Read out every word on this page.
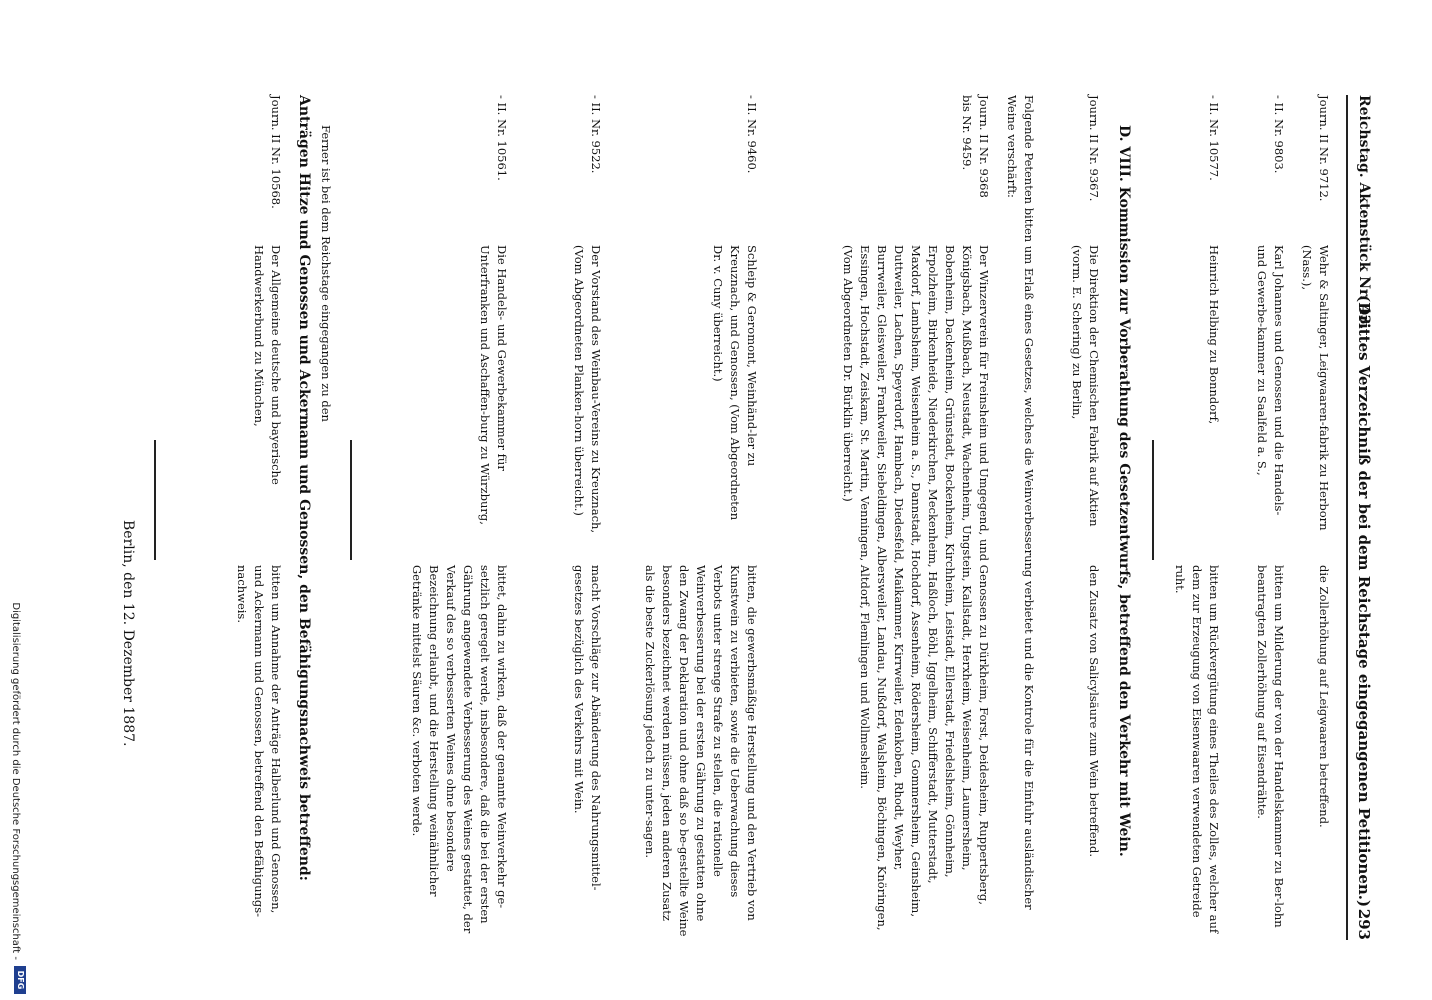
Reichstag. Aktenstück Nr. 43.
(Drittes Verzeichniß der bei dem Reichstage eingegangenen Petitionen.)
293
Journ. II Nr. 9712.
Wehr & Saltinger, Leigwaaren-fabrik zu Herborn (Nass.),
die Zollerhöhung auf Leigwaaren betreffend.
- II. Nr. 9803.
Karl Johannes und Genossen und die Handels- und Gewerbe-kammer zu Saalfeld a. S.,
bitten um Milderung der von der Handelskammer zu Ber-lohn beantragten Zollerhöhung auf Eisendrähte.
- II. Nr. 10577.
Heinrich Helbing zu Bonndorf,
bitten um Rückvergütung eines Theiles des Zolles, welcher auf dem zur Erzeugung von Eisenwaaren verwendeten Getreide ruht.
D. VIII. Kommission zur Vorberathung des Gesetzentwurfs, betreffend den Verkehr mit Wein.
Journ. II Nr. 9367.
Die Direktion der Chemischen Fabrik auf Aktien (vorm. E. Schering) zu Berlin,
den Zusatz von Salicylsäure zum Wein betreffend.
Folgende Petenten bitten um Erlaß eines Gesetzes, welches die Weinverbesserung verbietet und die Kontrole für die Einfuhr ausländischer Weine verschärft:
Journ. II Nr. 9368
bis Nr. 9459.
Der Winzerverein für Freinsheim und Umgegend, und Genossen zu Dürkheim, Forst, Deidesheim, Ruppertsberg, Königsbach, Mußbach, Neustadt, Wachenheim, Ungstein, Kallstadt, Herxheim, Weisenheim, Laumersheim, Bobenheim, Dackenheim, Grünstadt, Bockenheim, Kirchheim, Leistadt, Ellerstadt, Friedelsheim, Gönnheim, Erpolzheim, Birkenheide, Niederkirchen, Meckenheim, Haßloch, Böhl, Iggelheim, Schifferstadt, Mutterstadt, Maxdorf, Lambsheim, Weisenheim a. S., Dannstadt, Hochdorf, Assenheim, Rödersheim, Gommersheim, Geinsheim, Duttweiler, Lachen, Speyerdorf, Hambach, Diedesfeld, Maikammer, Kirrweiler, Edenkoben, Rhodt, Weyher, Burrweiler, Gleisweiler, Frankweiler, Siebeldingen, Albersweiler, Landau, Nußdorf, Walsheim, Böchingen, Knöringen, Essingen, Hochstadt, Zeiskam, St. Martin, Venningen, Altdorf, Flemlingen und Wollmesheim.
(Vom Abgeordneten Dr. Bürklin überreicht.)
- II. Nr. 9460.
Schleip & Geromont, Weinhänd-ler zu Kreuznach, und Genossen, (Vom Abgeordneten Dr. v. Cuny überreicht.)
bitten, die gewerbsmäßige Herstellung und den Vertrieb von Kunstwein zu verbieten, sowie die Ueberwachung dieses Verbots unter strenge Strafe zu stellen, die rationelle Weinverbesserung bei der ersten Gährung zu gestatten ohne den Zwang der Deklaration und ohne daß so be-gestellte Weine besonders bezeichnet werden müssen, jeden anderen Zusatz als die beste Zuckerlösung jedoch zu unter-sagen.
- II. Nr. 9522.
Der Vorstand des Weinbau-Vereins zu Kreuznach, (Vom Abgeordneten Planken-horn überreicht.)
macht Vorschläge zur Abänderung des Nahrungsmittel-gesetzes bezüglich des Verkehrs mit Wein.
- II. Nr. 10561.
Die Handels- und Gewerbekammer für Unterfranken und Aschaffen-burg zu Würzburg,
bittet, dahin zu wirken, daß der genannte Weinverkehr ge-setzlich geregelt werde, insbesondere, daß die bei der ersten Gährung angewendete Verbesserung des Weines gestattet, der Verkauf des so verbesserten Weines ohne besondere Bezeichnung erlaubt, und die Herstellung weinähnlicher Getränke mittelst Säuren &c. verboten werde.
Ferner ist bei dem Reichstage eingegangen zu den
Anträgen Hitze und Genossen und Ackermann und Genossen, den Befähigungsnachweis betreffend:
Journ. II Nr. 10568.
Der Allgemeine deutsche und bayerische Handwerkerbund zu München,
bitten um Annahme der Anträge Halberlund und Genossen, und Ackermann und Genossen, betreffend den Befähigungs-nachweis.
Berlin, den 12. Dezember 1887.
Digitalisierung gefördert durch die Deutsche Forschungsgemeinschaft -
DFG
